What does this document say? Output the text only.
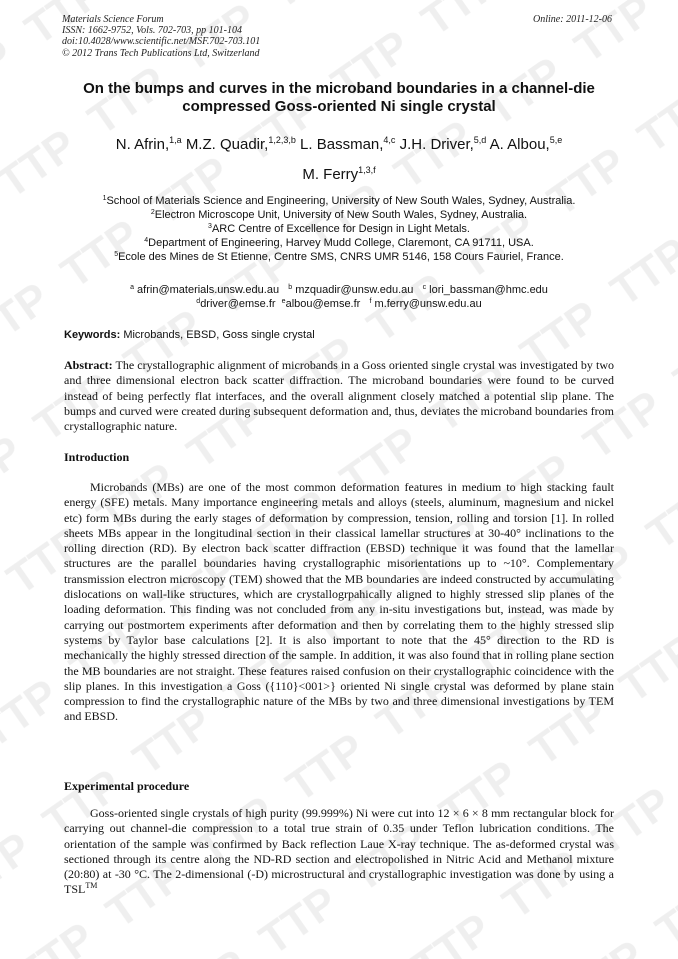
Materials Science Forum
ISSN: 1662-9752, Vols. 702-703, pp 101-104
doi:10.4028/www.scientific.net/MSF.702-703.101
© 2012 Trans Tech Publications Ltd, Switzerland
Online: 2011-12-06
On the bumps and curves in the microband boundaries in a channel-die compressed Goss-oriented Ni single crystal
N. Afrin,$^{1,a}$ M.Z. Quadir,$^{1,2,3,b}$ L. Bassman,$^{4,c}$ J.H. Driver,$^{5,d}$ A. Albou,$^{5,e}$
M. Ferry$^{1,3,f}$
$^1$School of Materials Science and Engineering, University of New South Wales, Sydney, Australia.
$^2$Electron Microscope Unit, University of New South Wales, Sydney, Australia.
$^3$ARC Centre of Excellence for Design in Light Metals.
$^4$Department of Engineering, Harvey Mudd College, Claremont, CA 91711, USA.
$^5$Ecole des Mines de St Etienne, Centre SMS, CNRS UMR 5146, 158 Cours Fauriel, France.
$^a$ afrin@materials.unsw.edu.au $^b$ mzquadir@unsw.edu.au $^c$ lori_bassman@hmc.edu
$^d$driver@emse.fr $^e$albou@emse.fr $^f$ m.ferry@unsw.edu.au
Keywords: Microbands, EBSD, Goss single crystal
Abstract: The crystallographic alignment of microbands in a Goss oriented single crystal was investigated by two and three dimensional electron back scatter diffraction. The microband boundaries were found to be curved instead of being perfectly flat interfaces, and the overall alignment closely matched a potential slip plane. The bumps and curved were created during subsequent deformation and, thus, deviates the microband boundaries from crystallographic nature.
Introduction
Microbands (MBs) are one of the most common deformation features in medium to high stacking fault energy (SFE) metals. Many importance engineering metals and alloys (steels, aluminum, magnesium and nickel etc) form MBs during the early stages of deformation by compression, tension, rolling and torsion [1]. In rolled sheets MBs appear in the longitudinal section in their classical lamellar structures at 30-40° inclinations to the rolling direction (RD). By electron back scatter diffraction (EBSD) technique it was found that the lamellar structures are the parallel boundaries having crystallographic misorientations up to ~10°. Complementary transmission electron microscopy (TEM) showed that the MB boundaries are indeed constructed by accumulating dislocations on wall-like structures, which are crystallogrpahically aligned to highly stressed slip planes of the loading deformation. This finding was not concluded from any in-situ investigations but, instead, was made by carrying out postmortem experiments after deformation and then by correlating them to the highly stressed slip systems by Taylor base calculations [2]. It is also important to note that the 45° direction to the RD is mechanically the highly stressed direction of the sample. In addition, it was also found that in rolling plane section the MB boundaries are not straight. These features raised confusion on their crystallographic coincidence with the slip planes. In this investigation a Goss ({110}<001>} oriented Ni single crystal was deformed by plane stain compression to find the crystallographic nature of the MBs by two and three dimensional investigations by TEM and EBSD.
Experimental procedure
Goss-oriented single crystals of high purity (99.999%) Ni were cut into 12 × 6 × 8 mm rectangular block for carrying out channel-die compression to a total true strain of 0.35 under Teflon lubrication conditions. The orientation of the sample was confirmed by Back reflection Laue X-ray technique. The as-deformed crystal was sectioned through its centre along the ND-RD section and electropolished in Nitric Acid and Methanol mixture (20:80) at -30 °C. The 2-dimensional (-D) microstructural and crystallographic investigation was done by using a TSL™
